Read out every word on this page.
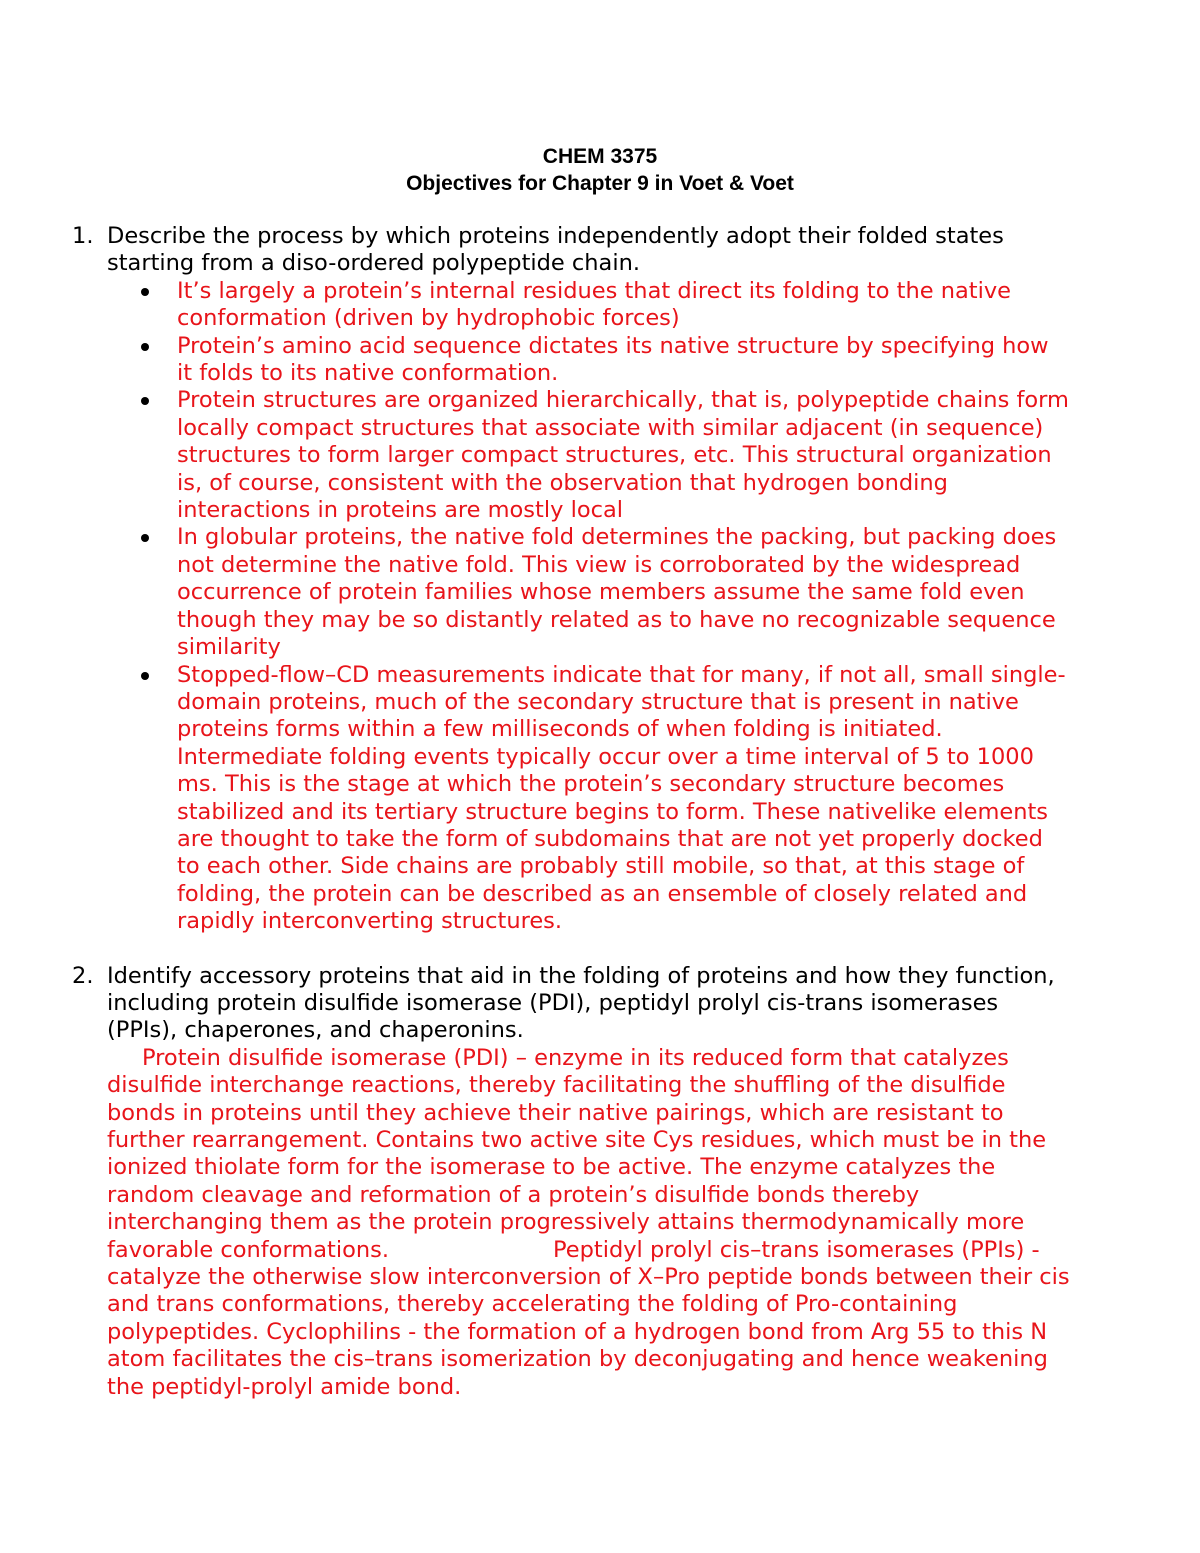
CHEM 3375
Objectives for Chapter 9 in Voet & Voet
1. Describe the process by which proteins independently adopt their folded states starting from a diso-ordered polypeptide chain.
It’s largely a protein’s internal residues that direct its folding to the native conformation (driven by hydrophobic forces)
Protein’s amino acid sequence dictates its native structure by specifying how it folds to its native conformation.
Protein structures are organized hierarchically, that is, polypeptide chains form locally compact structures that associate with similar adjacent (in sequence) structures to form larger compact structures, etc. This structural organization is, of course, consistent with the observation that hydrogen bonding interactions in proteins are mostly local
In globular proteins, the native fold determines the packing, but packing does not determine the native fold. This view is corroborated by the widespread occurrence of protein families whose members assume the same fold even though they may be so distantly related as to have no recognizable sequence similarity
Stopped-flow–CD measurements indicate that for many, if not all, small single-domain proteins, much of the secondary structure that is present in native proteins forms within a few milliseconds of when folding is initiated. Intermediate folding events typically occur over a time interval of 5 to 1000 ms. This is the stage at which the protein’s secondary structure becomes stabilized and its tertiary structure begins to form. These nativelike elements are thought to take the form of subdomains that are not yet properly docked to each other. Side chains are probably still mobile, so that, at this stage of folding, the protein can be described as an ensemble of closely related and rapidly interconverting structures.
2. Identify accessory proteins that aid in the folding of proteins and how they function, including protein disulfide isomerase (PDI), peptidyl prolyl cis-trans isomerases (PPIs), chaperones, and chaperonins.

Protein disulfide isomerase (PDI) – enzyme in its reduced form that catalyzes disulfide interchange reactions, thereby facilitating the shuffling of the disulfide bonds in proteins until they achieve their native pairings, which are resistant to further rearrangement. Contains two active site Cys residues, which must be in the ionized thiolate form for the isomerase to be active. The enzyme catalyzes the random cleavage and reformation of a protein’s disulfide bonds thereby interchanging them as the protein progressively attains thermodynamically more favorable conformations.	Peptidyl prolyl cis–trans isomerases (PPIs) - catalyze the otherwise slow interconversion of X–Pro peptide bonds between their cis and trans conformations, thereby accelerating the folding of Pro-containing polypeptides. Cyclophilins - the formation of a hydrogen bond from Arg 55 to this N atom facilitates the cis–trans isomerization by deconjugating and hence weakening the peptidyl-prolyl amide bond.
